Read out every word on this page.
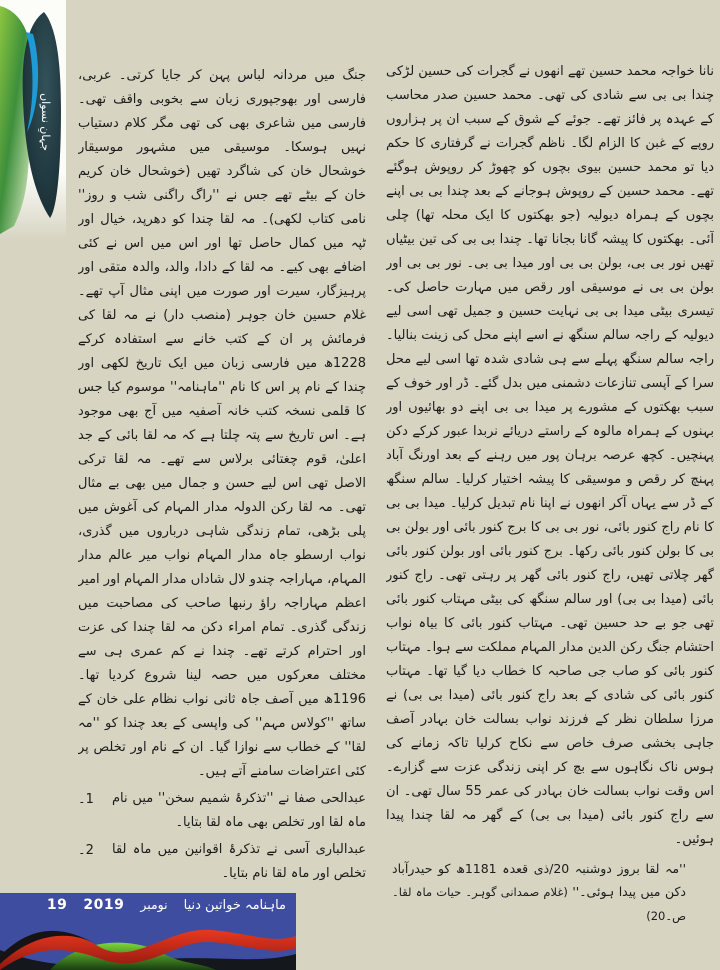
جہانِ نسواں

نانا خواجہ محمد حسین تھے انھوں نے گجرات کی حسین لڑکی چندا بی بی سے شادی کی تھی۔ محمد حسین صدر محاسب کے عہدہ پر فائز تھے۔ جوئے کے شوق کے سبب ان پر ہزاروں روپے کے غبن کا الزام لگا۔ ناظم گجرات نے گرفتاری کا حکم دیا تو محمد حسین بیوی بچوں کو چھوڑ کر روپوش ہوگئے تھے۔ محمد حسین کے روپوش ہوجانے کے بعد چندا بی بی اپنے بچوں کے ہمراہ دیولیہ (جو بھکتوں کا ایک محلہ تھا) چلی آئی۔ بھکتوں کا پیشہ گانا بجانا تھا۔ چندا بی بی کی تین بیٹیاں تھیں نور بی بی، بولن بی بی اور میدا بی بی۔ نور بی بی اور بولن بی بی نے موسیقی اور رقص میں مہارت حاصل کی۔ تیسری بیٹی میدا بی بی نہایت حسین و جمیل تھی اسی لیے دیولیہ کے راجہ سالم سنگھ نے اسے اپنے محل کی زینت بنالیا۔ راجہ سالم سنگھ پہلے سے ہی شادی شدہ تھا اسی لیے محل سرا کے آپسی تنازعات دشمنی میں بدل گئے۔ ڈر اور خوف کے سبب بھکتوں کے مشورے پر میدا بی بی اپنے دو بھائیوں اور بہنوں کے ہمراہ مالوہ کے راستے دریائے نربدا عبور کرکے دکن پہنچیں۔ کچھ عرصہ برہان پور میں رہنے کے بعد اورنگ آباد پہنچ کر رقص و موسیقی کا پیشہ اختیار کرلیا۔ سالم سنگھ کے ڈر سے یہاں آکر انھوں نے اپنا نام تبدیل کرلیا۔ میدا بی بی کا نام راج کنور بائی، نور بی بی کا برج کنور بائی اور بولن بی بی کا بولن کنور بائی رکھا۔ برج کنور بائی اور بولن کنور بائی گھر چلاتی تھیں، راج کنور بائی گھر پر رہتی تھی۔ راج کنور بائی (میدا بی بی) اور سالم سنگھ کی بیٹی مہتاب کنور بائی تھی جو بے حد حسین تھی۔ مہتاب کنور بائی کا بیاہ نواب احتشام جنگ رکن الدین مدار المہام مملکت سے ہوا۔ مہتاب کنور بائی کو صاب جی صاحبہ کا خطاب دیا گیا تھا۔ مہتاب کنور بائی کی شادی کے بعد راج کنور بائی (میدا بی بی) نے مرزا سلطان نظر کے فرزند نواب بسالت خان بہادر آصف جاہی بخشی صرف خاص سے نکاح کرلیا تاکہ زمانے کی ہوس ناک نگاہوں سے بچ کر اپنی زندگی عزت سے گزارے۔ اس وقت نواب بسالت خان بہادر کی عمر 55 سال تھی۔ ان سے راج کنور بائی (میدا بی بی) کے گھر مہ لقا چندا پیدا ہوئیں۔

''مہ لقا بروز دوشنبہ 20/ذی قعدہ 1181ھ کو حیدرآباد دکن میں پیدا ہوئی۔'' (غلام صمدانی گوہر۔ حیات ماہ لقا۔ ص۔20)

جنگ میں مردانہ لباس پہن کر جایا کرتی۔ عربی، فارسی اور بھوجپوری زبان سے بخوبی واقف تھی۔ فارسی میں شاعری بھی کی تھی مگر کلام دستیاب نہیں ہوسکا۔ موسیقی میں مشہور موسیقار خوشحال خان کی شاگرد تھیں (خوشحال خان کریم خان کے بیٹے تھے جس نے ''راگ راگنی شب و روز'' نامی کتاب لکھی)۔ مہ لقا چندا کو دھرپد، خیال اور ٹپہ میں کمال حاصل تھا اور اس میں اس نے کئی اضافے بھی کیے۔ مہ لقا کے دادا، والد، والدہ متقی اور پرہیزگار، سیرت اور صورت میں اپنی مثال آپ تھے۔ غلام حسین خان جوہر (منصب دار) نے مہ لقا کی فرمائش پر ان کے کتب خانے سے استفادہ کرکے 1228ھ میں فارسی زبان میں ایک تاریخ لکھی اور چندا کے نام پر اس کا نام ''ماہنامہ'' موسوم کیا جس کا قلمی نسخہ کتب خانہ آصفیہ میں آج بھی موجود ہے۔ اس تاریخ سے پتہ چلتا ہے کہ مہ لقا بائی کے جد اعلیٰ، قوم چغتائی برلاس سے تھے۔ مہ لقا ترکی الاصل تھی اس لیے حسن و جمال میں بھی بے مثال تھی۔ مہ لقا رکن الدولہ مدار المہام کی آغوش میں پلی بڑھی، تمام زندگی شاہی درباروں میں گذری، نواب ارسطو جاہ مدار المہام نواب میر عالم مدار المہام، مہاراجہ چندو لال شاداں مدار المہام اور امیر اعظم مہاراجہ راؤ رنبھا صاحب کی مصاحبت میں زندگی گذری۔ تمام امراء دکن مہ لقا چندا کی عزت اور احترام کرتے تھے۔ چندا نے کم عمری ہی سے مختلف معرکوں میں حصہ لینا شروع کردیا تھا۔ 1196ھ میں آصف جاہ ثانی نواب نظام علی خان کے ساتھ ''کولاس مہم'' کی واپسی کے بعد چندا کو ''مہ لقا'' کے خطاب سے نوازا گیا۔ ان کے نام اور تخلص پر کئی اعتراضات سامنے آتے ہیں۔

1۔	عبدالحی صفا نے ''تذکرۂ شمیم سخن'' میں نام ماہ لقا اور تخلص بھی ماہ لقا بتایا۔
2۔	عبدالباری آسی نے تذکرۂ اقوانین میں ماہ لقا تخلص اور ماہ لقا نام بتایا۔
ماہنامہ خواتین دنیا
نومبر
2019
19
